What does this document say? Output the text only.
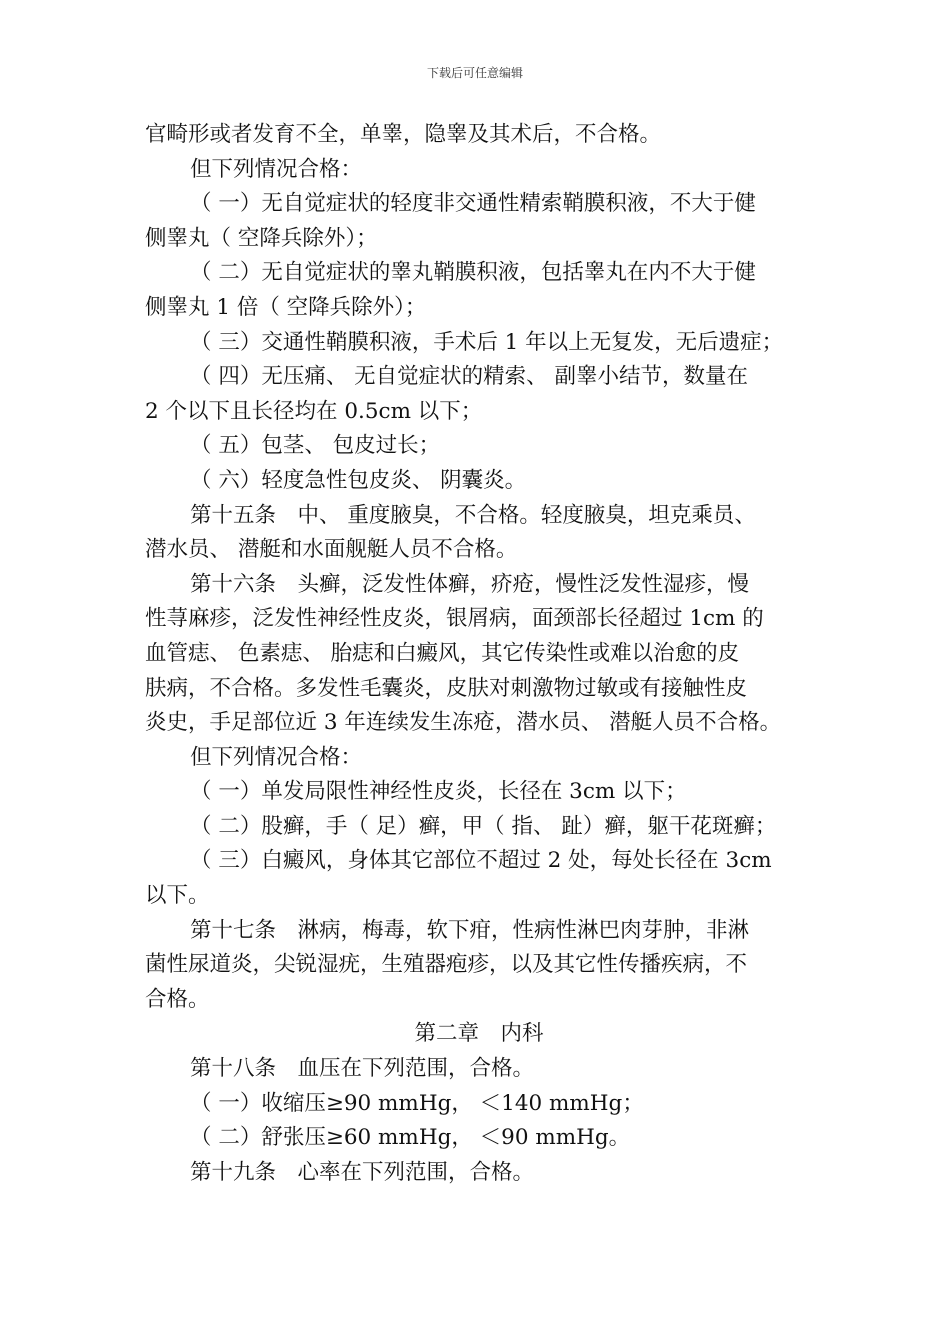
下载后可任意编辑
官畸形或者发育不全，单睾，隐睾及其术后，不合格。
但下列情况合格：
（ 一）无自觉症状的轻度非交通性精索鞘膜积液，不大于健
侧睾丸（ 空降兵除外）；
（ 二）无自觉症状的睾丸鞘膜积液，包括睾丸在内不大于健
侧睾丸 1 倍（ 空降兵除外）；
（ 三）交通性鞘膜积液，手术后 1 年以上无复发，无后遗症；
（ 四）无压痛、 无自觉症状的精索、 副睾小结节，数量在
2 个以下且长径均在 0.5cm 以下；
（ 五）包茎、 包皮过长；
（ 六）轻度急性包皮炎、 阴囊炎。
第十五条　中、 重度腋臭，不合格。轻度腋臭，坦克乘员、
潜水员、 潜艇和水面舰艇人员不合格。
第十六条　头癣，泛发性体癣，疥疮，慢性泛发性湿疹，慢
性荨麻疹，泛发性神经性皮炎，银屑病，面颈部长径超过 1cm 的
血管痣、 色素痣、 胎痣和白癜风，其它传染性或难以治愈的皮
肤病，不合格。多发性毛囊炎，皮肤对刺激物过敏或有接触性皮
炎史，手足部位近 3 年连续发生冻疮，潜水员、 潜艇人员不合格。
但下列情况合格：
（ 一）单发局限性神经性皮炎，长径在 3cm 以下；
（ 二）股癣，手（ 足）癣，甲（ 指、 趾）癣，躯干花斑癣；
（ 三）白癜风，身体其它部位不超过 2 处，每处长径在 3cm
以下。
第十七条　淋病，梅毒，软下疳，性病性淋巴肉芽肿，非淋
菌性尿道炎，尖锐湿疣，生殖器疱疹，以及其它性传播疾病，不
合格。
第二章　内科
第十八条　血压在下列范围，合格。
（ 一）收缩压≥90 mmHg， ＜140 mmHg；
（ 二）舒张压≥60 mmHg， ＜90 mmHg。
第十九条　心率在下列范围，合格。
